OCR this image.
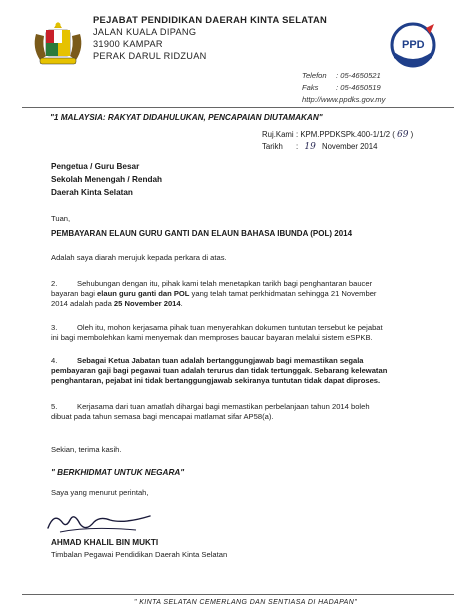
PEJABAT PENDIDIKAN DAERAH KINTA SELATAN
JALAN KUALA DIPANG
31900 KAMPAR
PERAK DARUL RIDZUAN
PPD
Telefon : 05-4650521
Faks : 05-4650519
http://www.ppdks.gov.my
"1 MALAYSIA: RAKYAT DIDAHULUKAN, PENCAPAIAN DIUTAMAKAN"
Ruj.Kami : KPM.PPDKSPk.400-1/1/2 ( 69 )
Tarikh : 19 November 2014
Pengetua / Guru Besar
Sekolah Menengah / Rendah
Daerah Kinta Selatan
Tuan,
PEMBAYARAN ELAUN GURU GANTI DAN ELAUN BAHASA IBUNDA (POL) 2014
Adalah saya diarah merujuk kepada perkara di atas.
2.	Sehubungan dengan itu, pihak kami telah menetapkan tarikh bagi penghantaran baucer
bayaran bagi elaun guru ganti dan POL yang telah tamat perkhidmatan sehingga 21 November
2014 adalah pada 25 November 2014.
3.	Oleh itu, mohon kerjasama pihak tuan menyerahkan dokumen tuntutan tersebut ke pejabat
ini bagi membolehkan kami menyemak dan memproses baucar bayaran melalui sistem eSPKB.
4.	Sebagai Ketua Jabatan tuan adalah bertanggungjawab bagi memastikan segala
pembayaran gaji bagi pegawai tuan adalah terurus dan tidak tertunggak. Sebarang kelewatan
penghantaran, pejabat ini tidak bertanggungjawab sekiranya tuntutan tidak dapat diproses.
5.	Kerjasama dari tuan amatlah dihargai bagi memastikan perbelanjaan tahun 2014 boleh
dibuat pada tahun semasa bagi mencapai matlamat sifar AP58(a).
Sekian, terima kasih.
" BERKHIDMAT UNTUK NEGARA"
Saya yang menurut perintah,
AHMAD KHALIL BIN MUKTI
Timbalan Pegawai Pendidikan Daerah Kinta Selatan
" KINTA SELATAN CEMERLANG DAN SENTIASA DI HADAPAN"
